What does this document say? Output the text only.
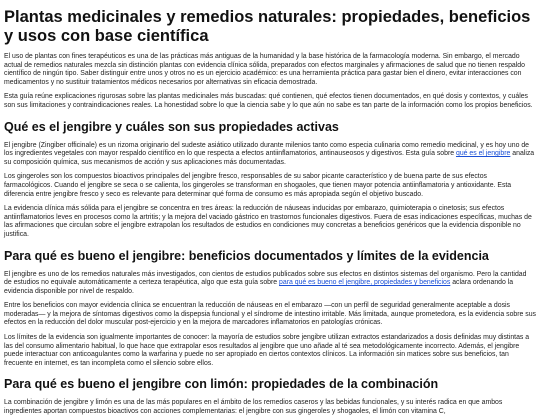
Plantas medicinales y remedios naturales: propiedades, beneficios y usos con base científica

El uso de plantas con fines terapéuticos es una de las prácticas más antiguas de la humanidad y la base histórica de la farmacología moderna. Sin embargo, el mercado actual de remedios naturales mezcla sin distinción plantas con evidencia clínica sólida, preparados con efectos marginales y afirmaciones de salud que no tienen respaldo científico de ningún tipo. Saber distinguir entre unos y otros no es un ejercicio académico: es una herramienta práctica para gastar bien el dinero, evitar interacciones con medicamentos y no sustituir tratamientos médicos necesarios por alternativas sin eficacia demostrada.

Esta guía reúne explicaciones rigurosas sobre las plantas medicinales más buscadas: qué contienen, qué efectos tienen documentados, en qué dosis y contextos, y cuáles son sus limitaciones y contraindicaciones reales. La honestidad sobre lo que la ciencia sabe y lo que aún no sabe es tan parte de la información como los propios beneficios.

Qué es el jengibre y cuáles son sus propiedades activas

El jengibre (Zingiber officinale) es un rizoma originario del sudeste asiático utilizado durante milenios tanto como especia culinaria como remedio medicinal, y es hoy uno de los ingredientes vegetales con mayor respaldo científico en lo que respecta a efectos antiinflamatorios, antinauseosos y digestivos. Esta guía sobre qué es el jengibre analiza su composición química, sus mecanismos de acción y sus aplicaciones más documentadas.

Los gingeroles son los compuestos bioactivos principales del jengibre fresco, responsables de su sabor picante característico y de buena parte de sus efectos farmacológicos. Cuando el jengibre se seca o se calienta, los gingeroles se transforman en shogaoles, que tienen mayor potencia antiinflamatoria y antioxidante. Esta diferencia entre jengibre fresco y seco es relevante para determinar qué forma de consumo es más apropiada según el objetivo buscado.

La evidencia clínica más sólida para el jengibre se concentra en tres áreas: la reducción de náuseas inducidas por embarazo, quimioterapia o cinetosis; sus efectos antiinflamatorios leves en procesos como la artritis; y la mejora del vaciado gástrico en trastornos funcionales digestivos. Fuera de esas indicaciones específicas, muchas de las afirmaciones que circulan sobre el jengibre extrapolan los resultados de estudios en condiciones muy concretas a beneficios genéricos que la evidencia disponible no justifica.

Para qué es bueno el jengibre: beneficios documentados y límites de la evidencia

El jengibre es uno de los remedios naturales más investigados, con cientos de estudios publicados sobre sus efectos en distintos sistemas del organismo. Pero la cantidad de estudios no equivale automáticamente a certeza terapéutica, algo que esta guía sobre para qué es bueno el jengibre, propiedades y beneficios aclara ordenando la evidencia disponible por nivel de respaldo.

Entre los beneficios con mayor evidencia clínica se encuentran la reducción de náuseas en el embarazo —con un perfil de seguridad generalmente aceptable a dosis moderadas— y la mejora de síntomas digestivos como la dispepsia funcional y el síndrome de intestino irritable. Más limitada, aunque prometedora, es la evidencia sobre sus efectos en la reducción del dolor muscular post-ejercicio y en la mejora de marcadores inflamatorios en patologías crónicas.

Los límites de la evidencia son igualmente importantes de conocer: la mayoría de estudios sobre jengibre utilizan extractos estandarizados a dosis definidas muy distintas a las del consumo alimentario habitual, lo que hace que extrapolar esos resultados al jengibre que uno añade al té sea metodológicamente incorrecto. Además, el jengibre puede interactuar con anticoagulantes como la warfarina y puede no ser apropiado en ciertos contextos clínicos. La información sin matices sobre sus beneficios, tan frecuente en internet, es tan incompleta como el silencio sobre ellos.

Para qué es bueno el jengibre con limón: propiedades de la combinación

La combinación de jengibre y limón es una de las más populares en el ámbito de los remedios caseros y las bebidas funcionales, y su interés radica en que ambos ingredientes aportan compuestos bioactivos con acciones complementarias: el jengibre con sus gingeroles y shogaoles, el limón con vitamina C,
